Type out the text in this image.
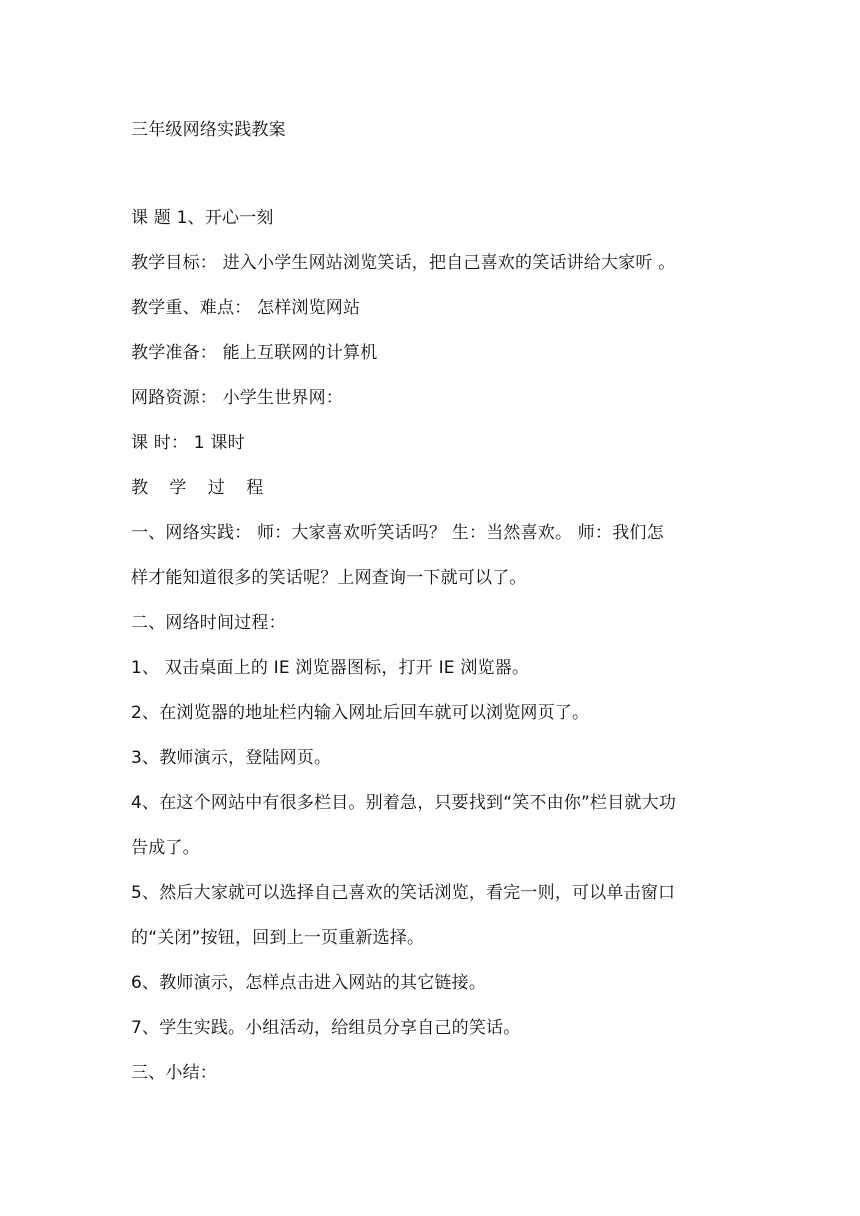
三年级网络实践教案
课 题 1、开心一刻
教学目标： 进入小学生网站浏览笑话，把自己喜欢的笑话讲给大家听 。
教学重、难点： 怎样浏览网站
教学准备： 能上互联网的计算机
网路资源： 小学生世界网：
课 时： 1 课时
教 学 过 程
一、网络实践： 师：大家喜欢听笑话吗？ 生：当然喜欢。 师：我们怎
样才能知道很多的笑话呢？上网查询一下就可以了。
二、网络时间过程：
1、 双击桌面上的 IE 浏览器图标，打开 IE 浏览器。
2、在浏览器的地址栏内输入网址后回车就可以浏览网页了。
3、教师演示，登陆网页。
4、在这个网站中有很多栏目。别着急，只要找到“笑不由你”栏目就大功
告成了。
5、然后大家就可以选择自己喜欢的笑话浏览，看完一则，可以单击窗口
的“关闭”按钮，回到上一页重新选择。
6、教师演示，怎样点击进入网站的其它链接。
7、学生实践。小组活动，给组员分享自己的笑话。
三、小结：
